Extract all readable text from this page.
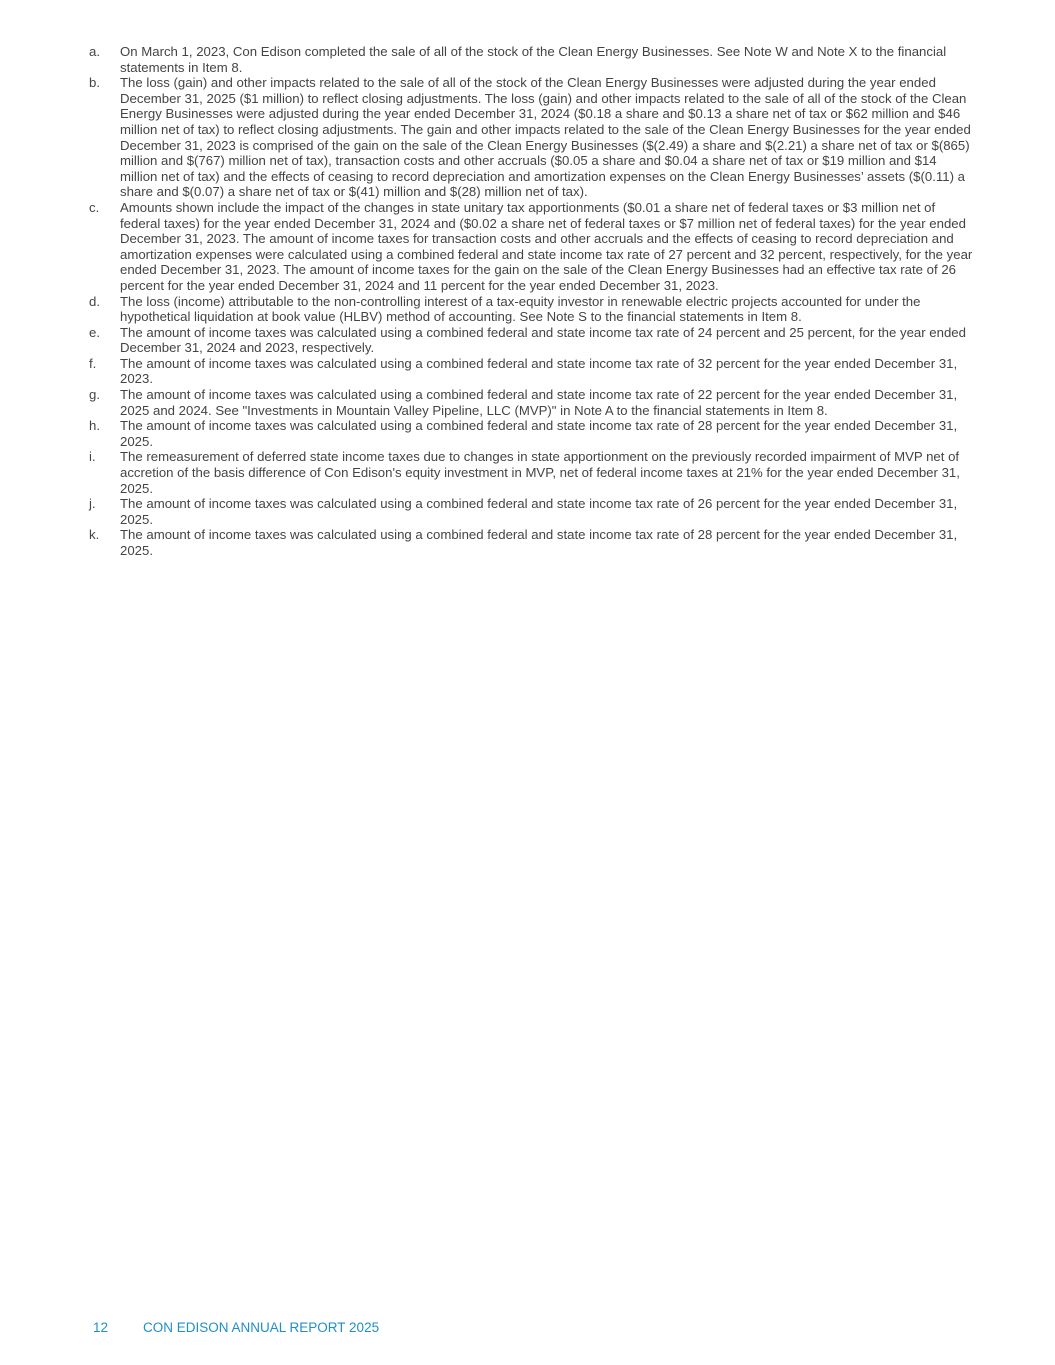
a.	On March 1, 2023, Con Edison completed the sale of all of the stock of the Clean Energy Businesses. See Note W and Note X to the financial statements in Item 8.
b.	The loss (gain) and other impacts related to the sale of all of the stock of the Clean Energy Businesses were adjusted during the year ended December 31, 2025 ($1 million) to reflect closing adjustments. The loss (gain) and other impacts related to the sale of all of the stock of the Clean Energy Businesses were adjusted during the year ended December 31, 2024 ($0.18 a share and $0.13 a share net of tax or $62 million and $46 million net of tax) to reflect closing adjustments. The gain and other impacts related to the sale of the Clean Energy Businesses for the year ended December 31, 2023 is comprised of the gain on the sale of the Clean Energy Businesses ($(2.49) a share and $(2.21) a share net of tax or $(865) million and $(767) million net of tax), transaction costs and other accruals ($0.05 a share and $0.04 a share net of tax or $19 million and $14 million net of tax) and the effects of ceasing to record depreciation and amortization expenses on the Clean Energy Businesses’ assets ($(0.11) a share and $(0.07) a share net of tax or $(41) million and $(28) million net of tax).
c.	Amounts shown include the impact of the changes in state unitary tax apportionments ($0.01 a share net of federal taxes or $3 million net of federal taxes) for the year ended December 31, 2024 and ($0.02 a share net of federal taxes or $7 million net of federal taxes) for the year ended December 31, 2023. The amount of income taxes for transaction costs and other accruals and the effects of ceasing to record depreciation and amortization expenses were calculated using a combined federal and state income tax rate of 27 percent and 32 percent, respectively, for the year ended December 31, 2023. The amount of income taxes for the gain on the sale of the Clean Energy Businesses had an effective tax rate of 26 percent for the year ended December 31, 2024 and 11 percent for the year ended December 31, 2023.
d.	The loss (income) attributable to the non-controlling interest of a tax-equity investor in renewable electric projects accounted for under the hypothetical liquidation at book value (HLBV) method of accounting. See Note S to the financial statements in Item 8.
e.	The amount of income taxes was calculated using a combined federal and state income tax rate of 24 percent and 25 percent, for the year ended December 31, 2024 and 2023, respectively.
f.	The amount of income taxes was calculated using a combined federal and state income tax rate of 32 percent for the year ended December 31, 2023.
g.	The amount of income taxes was calculated using a combined federal and state income tax rate of 22 percent for the year ended December 31, 2025 and 2024. See "Investments in Mountain Valley Pipeline, LLC (MVP)" in Note A to the financial statements in Item 8.
h.	The amount of income taxes was calculated using a combined federal and state income tax rate of 28 percent for the year ended December 31, 2025.
i.	The remeasurement of deferred state income taxes due to changes in state apportionment on the previously recorded impairment of MVP net of accretion of the basis difference of Con Edison's equity investment in MVP, net of federal income taxes at 21% for the year ended December 31, 2025.
j.	The amount of income taxes was calculated using a combined federal and state income tax rate of 26 percent for the year ended December 31, 2025.
k.	The amount of income taxes was calculated using a combined federal and state income tax rate of 28 percent for the year ended December 31, 2025.
12	CON EDISON ANNUAL REPORT 2025
